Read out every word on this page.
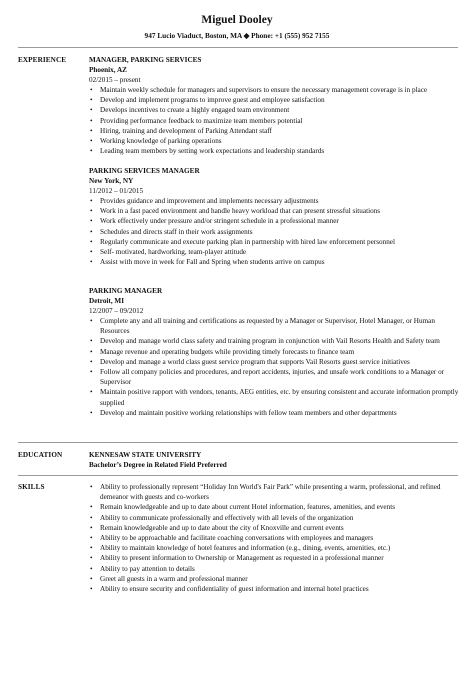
Miguel Dooley
947 Lucio Viaduct, Boston, MA ◆ Phone: +1 (555) 952 7155
EXPERIENCE	MANAGER, PARKING SERVICES
Phoenix, AZ
02/2015 – present
• Maintain weekly schedule for managers and supervisors to ensure the necessary management coverage is in place
• Develop and implement programs to improve guest and employee satisfaction
• Develops incentives to create a highly engaged team environment
• Providing performance feedback to maximize team members potential
• Hiring, training and development of Parking Attendant staff
• Working knowledge of parking operations
• Leading team members by setting work expectations and leadership standards
PARKING SERVICES MANAGER
New York, NY
11/2012 – 01/2015
• Provides guidance and improvement and implements necessary adjustments
• Work in a fast paced environment and handle heavy workload that can present stressful situations
• Work effectively under pressure and/or stringent schedule in a professional manner
• Schedules and directs staff in their work assignments
• Regularly communicate and execute parking plan in partnership with hired law enforcement personnel
• Self- motivated, hardworking, team-player attitude
• Assist with move in week for Fall and Spring when students arrive on campus
PARKING MANAGER
Detroit, MI
12/2007 – 09/2012
• Complete any and all training and certifications as requested by a Manager or Supervisor, Hotel Manager, or Human Resources
• Develop and manage world class safety and training program in conjunction with Vail Resorts Health and Safety team
• Manage revenue and operating budgets while providing timely forecasts to finance team
• Develop and manage a world class guest service program that supports Vail Resorts guest service initiatives
• Follow all company policies and procedures, and report accidents, injuries, and unsafe work conditions to a Manager or Supervisor
• Maintain positive rapport with vendors, tenants, AEG entities, etc. by ensuring consistent and accurate information promptly supplied
• Develop and maintain positive working relationships with fellow team members and other departments
EDUCATION	KENNESAW STATE UNIVERSITY
Bachelor’s Degree in Related Field Preferred
SKILLS
•	Ability to professionally represent “Holiday Inn World's Fair Park” while presenting a warm, professional, and refined demeanor with guests and co-workers
• Remain knowledgeable and up to date about current Hotel information, features, amenities, and events
• Ability to communicate professionally and effectively with all levels of the organization
• Remain knowledgeable and up to date about the city of Knoxville and current events
• Ability to be approachable and facilitate coaching conversations with employees and managers
• Ability to maintain knowledge of hotel features and information (e.g., dining, events, amenities, etc.)
• Ability to present information to Ownership or Management as requested in a professional manner
• Ability to pay attention to details
• Greet all guests in a warm and professional manner
• Ability to ensure security and confidentiality of guest information and internal hotel practices
